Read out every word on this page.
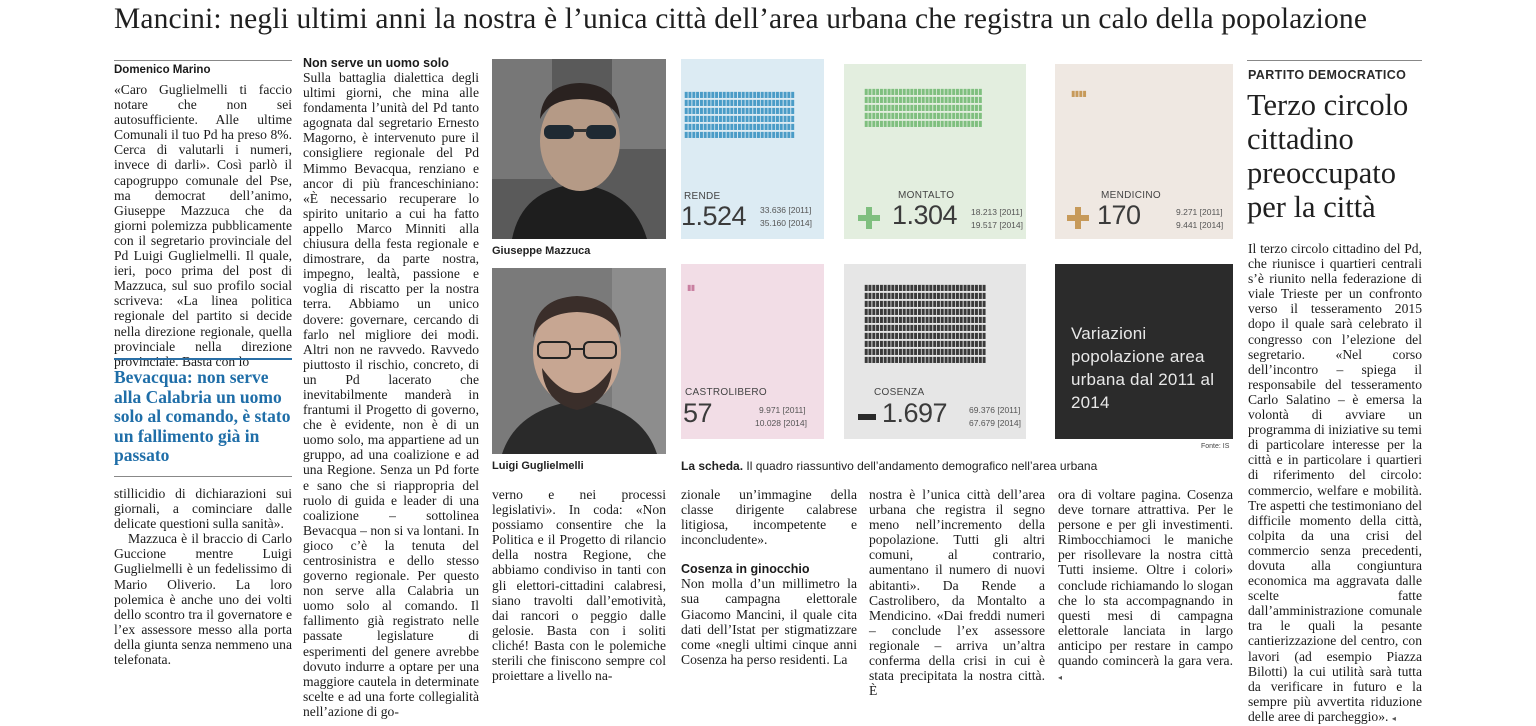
Mancini: negli ultimi anni la nostra è l’unica città dell’area urbana che registra un calo della popolazione
Domenico Marino

«Caro Guglielmelli ti faccio notare che non sei autosufficiente. Alle ultime Comunali il tuo Pd ha preso 8%. Cerca di valutarli i numeri, invece di darli». Così parlò il capogruppo comunale del Pse, ma democrat dell’animo, Giuseppe Mazzuca che da giorni polemizza pubblicamente con il segretario provinciale del Pd Luigi Guglielmelli. Il quale, ieri, poco prima del post di Mazzuca, sul suo profilo social scriveva: «La linea politica regionale del partito si decide nella direzione regionale, quella provinciale nella direzione provinciale. Basta con lo

Bevacqua: non serve alla Calabria un uomo solo al comando, è stato un fallimento già in passato

stillicidio di dichiarazioni sui giornali, a cominciare dalle delicate questioni sulla sanità».

Mazzuca è il braccio di Carlo Guccione mentre Luigi Guglielmelli è un fedelissimo di Mario Oliverio. La loro polemica è anche uno dei volti dello scontro tra il governatore e l’ex assessore messo alla porta della giunta senza nemmeno una telefonata.

Non serve un uomo solo

Sulla battaglia dialettica degli ultimi giorni, che mina alle fondamenta l’unità del Pd tanto agognata dal segretario Ernesto Magorno, è intervenuto pure il consigliere regionale del Pd Mimmo Bevacqua, renziano e ancor di più franceschiniano: «È necessario recuperare lo spirito unitario a cui ha fatto appello Marco Minniti alla chiusura della festa regionale e dimostrare, da parte nostra, impegno, lealtà, passione e voglia di riscatto per la nostra terra. Abbiamo un unico dovere: governare, cercando di farlo nel migliore dei modi. Altri non ne ravvedo. Ravvedo piuttosto il rischio, concreto, di un Pd lacerato che inevitabilmente manderà in frantumi il Progetto di governo, che è evidente, non è di un uomo solo, ma appartiene ad un gruppo, ad una coalizione e ad una Regione. Senza un Pd forte e sano che si riappropria del ruolo di guida e leader di una coalizione – sottolinea Bevacqua – non si va lontani. In gioco c’è la tenuta del centrosinistra e dello stesso governo regionale. Per questo non serve alla Calabria un uomo solo al comando. Il fallimento già registrato nelle passate legislature di esperimenti del genere avrebbe dovuto indurre a optare per una maggiore cautela in determinate scelte e ad una forte collegialità nell’azione di go-

Giuseppe Mazzuca
Luigi Guglielmelli

verno e nei processi legislativi». In coda: «Non possiamo consentire che la Politica e il Progetto di rilancio della nostra Regione, che abbiamo condiviso in tanti con gli elettori-cittadini calabresi, siano travolti dall’emotività, dai rancori o peggio dalle gelosie. Basta con i soliti cliché! Basta con le polemiche sterili che finiscono sempre col proiettare a livello na-

▮▮▮▮▮▮▮▮▮▮▮▮▮▮▮▮▮▮▮▮▮▮▮▮▮▮▮▮▮
▮▮▮▮▮▮▮▮▮▮▮▮▮▮▮▮▮▮▮▮▮▮▮▮▮▮▮▮▮
▮▮▮▮▮▮▮▮▮▮▮▮▮▮▮▮▮▮▮▮▮▮▮▮▮▮▮▮▮
▮▮▮▮▮▮▮▮▮▮▮▮▮▮▮▮▮▮▮▮▮▮▮▮▮▮▮▮▮
▮▮▮▮▮▮▮▮▮▮▮▮▮▮▮▮▮▮▮▮▮▮▮▮▮▮▮▮▮
▮▮▮▮▮▮▮▮▮▮▮▮▮▮▮▮▮▮▮▮▮▮▮▮▮▮▮▮▮

RENDE
1.524 33.636 [2011]
35.160 [2014]
▮▮▮▮▮▮▮▮▮▮▮▮▮▮▮▮▮▮▮▮▮▮▮▮▮▮▮▮▮▮▮
▮▮▮▮▮▮▮▮▮▮▮▮▮▮▮▮▮▮▮▮▮▮▮▮▮▮▮▮▮▮▮
▮▮▮▮▮▮▮▮▮▮▮▮▮▮▮▮▮▮▮▮▮▮▮▮▮▮▮▮▮▮▮
▮▮▮▮▮▮▮▮▮▮▮▮▮▮▮▮▮▮▮▮▮▮▮▮▮▮▮▮▮▮▮
▮▮▮▮▮▮▮▮▮▮▮▮▮▮▮▮▮▮▮▮▮▮▮▮▮▮▮▮▮▮▮

MONTALTO
1.304 18.213 [2011]
19.517 [2014]
▮▮▮▮

MENDICINO
170	9.271 [2011]
9.441 [2014]
▮▮

CASTROLIBERO
57	9.971 [2011]
10.028 [2014]
▮▮▮▮▮▮▮▮▮▮▮▮▮▮▮▮▮▮▮▮▮▮▮▮▮▮▮▮▮▮▮▮
▮▮▮▮▮▮▮▮▮▮▮▮▮▮▮▮▮▮▮▮▮▮▮▮▮▮▮▮▮▮▮▮
▮▮▮▮▮▮▮▮▮▮▮▮▮▮▮▮▮▮▮▮▮▮▮▮▮▮▮▮▮▮▮▮
▮▮▮▮▮▮▮▮▮▮▮▮▮▮▮▮▮▮▮▮▮▮▮▮▮▮▮▮▮▮▮▮
▮▮▮▮▮▮▮▮▮▮▮▮▮▮▮▮▮▮▮▮▮▮▮▮▮▮▮▮▮▮▮▮
▮▮▮▮▮▮▮▮▮▮▮▮▮▮▮▮▮▮▮▮▮▮▮▮▮▮▮▮▮▮▮▮
▮▮▮▮▮▮▮▮▮▮▮▮▮▮▮▮▮▮▮▮▮▮▮▮▮▮▮▮▮▮▮▮
▮▮▮▮▮▮▮▮▮▮▮▮▮▮▮▮▮▮▮▮▮▮▮▮▮▮▮▮▮▮▮▮
▮▮▮▮▮▮▮▮▮▮▮▮▮▮▮▮▮▮▮▮▮▮▮▮▮▮▮▮▮▮▮▮
▮▮▮▮▮▮▮▮▮▮▮▮▮▮▮▮▮▮▮▮▮▮▮▮▮▮▮▮▮▮▮▮

COSENZA
1.697	69.376 [2011]
67.679 [2014]
Variazioni popolazione area urbana dal 2011 al 2014
Fonte: IS
La scheda. Il quadro riassuntivo dell’andamento demografico nell’area urbana

zionale un’immagine della classe dirigente calabrese litigiosa, incompetente e inconcludente».

Cosenza in ginocchio

Non molla d’un millimetro la sua campagna elettorale Giacomo Mancini, il quale cita dati dell’Istat per stigmatizzare come «negli ultimi cinque anni Cosenza ha perso residenti. La

nostra è l’unica città dell’area urbana che registra il segno meno nell’incremento della popolazione. Tutti gli altri comuni, al contrario, aumentano il numero di nuovi abitanti». Da Rende a Castrolibero, da Montalto a Mendicino. «Dai freddi numeri – conclude l’ex assessore regionale – arriva un’altra conferma della crisi in cui è stata precipitata la nostra città. È

ora di voltare pagina. Cosenza deve tornare attrattiva. Per le persone e per gli investimenti. Rimbocchiamoci le maniche per risollevare la nostra città Tutti insieme. Oltre i colori» conclude richiamando lo slogan che lo sta accompagnando in questi mesi di campagna elettorale lanciata in largo anticipo per restare in campo quando comincerà la gara vera. ◂

PARTITO DEMOCRATICO
Terzo circolo cittadino preoccupato per la città

Il terzo circolo cittadino del Pd, che riunisce i quartieri centrali s’è riunito nella federazione di viale Trieste per un confronto verso il tesseramento 2015 dopo il quale sarà celebrato il congresso con l’elezione del segretario. «Nel corso dell’incontro – spiega il responsabile del tesseramento Carlo Salatino – è emersa la volontà di avviare un programma di iniziative su temi di particolare interesse per la città e in particolare i quartieri di riferimento del circolo: commercio, welfare e mobilità. Tre aspetti che testimoniano del difficile momento della città, colpita da una crisi del commercio senza precedenti, dovuta alla congiuntura economica ma aggravata dalle scelte fatte dall’amministrazione comunale tra le quali la pesante cantierizzazione del centro, con lavori (ad esempio Piazza Bilotti) la cui utilità sarà tutta da verificare in futuro e la sempre più avvertita riduzione delle aree di parcheggio». ◂
